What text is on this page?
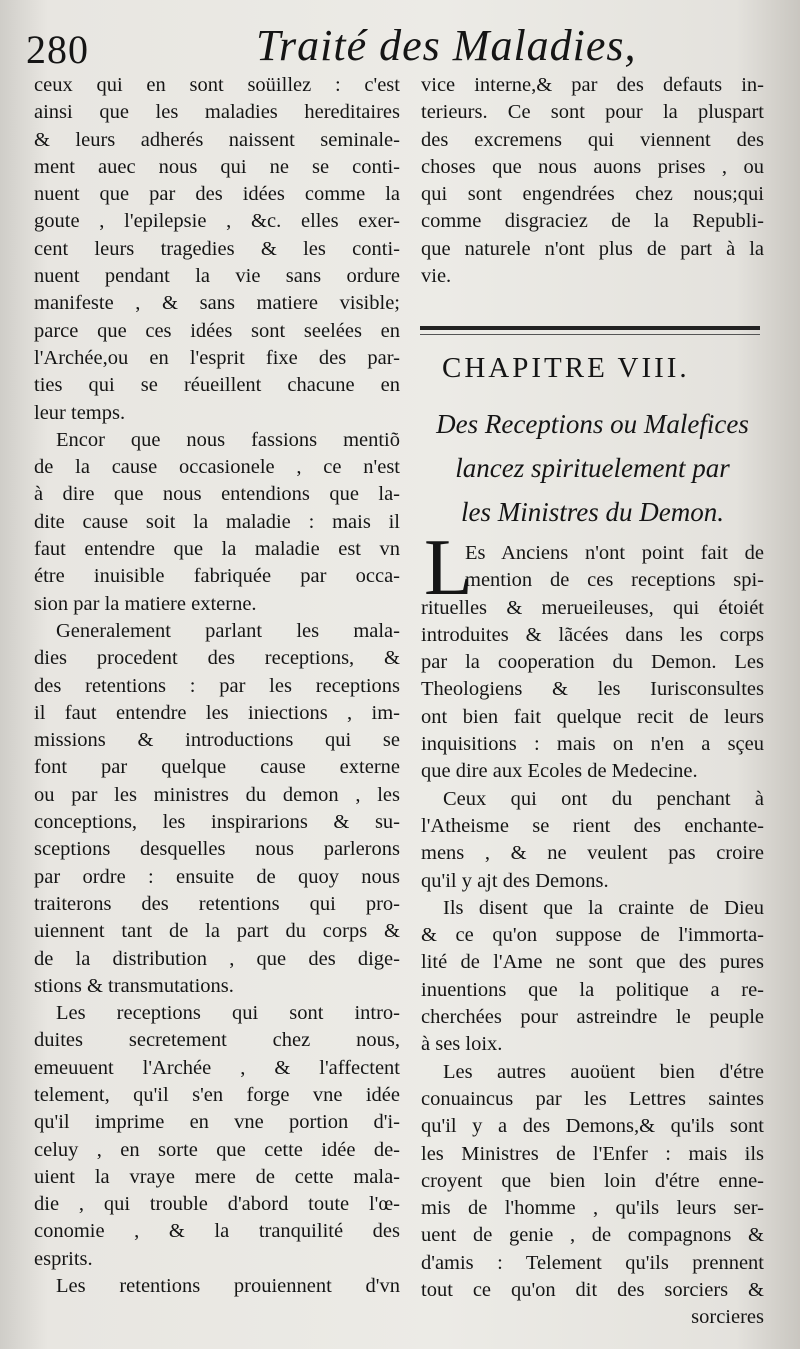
280	Traité des Maladies,
ceux qui en sont soüillez : c'est
ainsi que les maladies hereditaires
& leurs adherés naissent seminale-
ment auec nous qui ne se conti-
nuent que par des idées comme la
goute , l'epilepsie , &c. elles exer-
cent leurs tragedies & les conti-
nuent pendant la vie sans ordure
manifeste , & sans matiere visible;
parce que ces idées sont seelées en
l'Archée,ou en l'esprit fixe des par-
ties qui se réueillent chacune en
leur temps.
Encor que nous fassions mentiõ
de la cause occasionele , ce n'est
à dire que nous entendions que la-
dite cause soit la maladie : mais il
faut entendre que la maladie est vn
étre inuisible fabriquée par occa-
sion par la matiere externe.
Generalement parlant les mala-
dies procedent des receptions, &
des retentions : par les receptions
il faut entendre les iniections , im-
missions & introductions qui se
font par quelque cause externe
ou par les ministres du demon , les
conceptions, les inspirarions & su-
sceptions desquelles nous parlerons
par ordre : ensuite de quoy nous
traiterons des retentions qui pro-
uiennent tant de la part du corps &
de la distribution , que des dige-
stions & transmutations.
Les receptions qui sont intro-
duites secretement chez nous,
emeuuent l'Archée , & l'affectent
telement, qu'il s'en forge vne idée
qu'il imprime en vne portion d'i-
celuy , en sorte que cette idée de-
uient la vraye mere de cette mala-
die , qui trouble d'abord toute l'œ-
conomie , & la tranquilité des
esprits.
Les retentions prouiennent d'vn
vice interne,& par des defauts in-
terieurs. Ce sont pour la pluspart
des excremens qui viennent des
choses que nous auons prises , ou
qui sont engendrées chez nous;qui
comme disgraciez de la Republi-
que naturele n'ont plus de part à la
vie.
CHAPITRE VIII.
Des Receptions ou Malefices
lancez spirituelement par
les Ministres du Demon.
L
Es Anciens n'ont point fait de
mention de ces receptions spi-
rituelles & merueileuses, qui étoiét
introduites & lãcées dans les corps
par la cooperation du Demon. Les
Theologiens & les Iurisconsultes
ont bien fait quelque recit de leurs
inquisitions : mais on n'en a sçeu
que dire aux Ecoles de Medecine.
Ceux qui ont du penchant à
l'Atheisme se rient des enchante-
mens , & ne veulent pas croire
qu'il y ajt des Demons.
Ils disent que la crainte de Dieu
& ce qu'on suppose de l'immorta-
lité de l'Ame ne sont que des pures
inuentions que la politique a re-
cherchées pour astreindre le peuple
à ses loix.
Les autres auoüent bien d'étre
conuaincus par les Lettres saintes
qu'il y a des Demons,& qu'ils sont
les Ministres de l'Enfer : mais ils
croyent que bien loin d'étre enne-
mis de l'homme , qu'ils leurs ser-
uent de genie , de compagnons &
d'amis : Telement qu'ils prennent
tout ce qu'on dit des sorciers &
sorcieres
